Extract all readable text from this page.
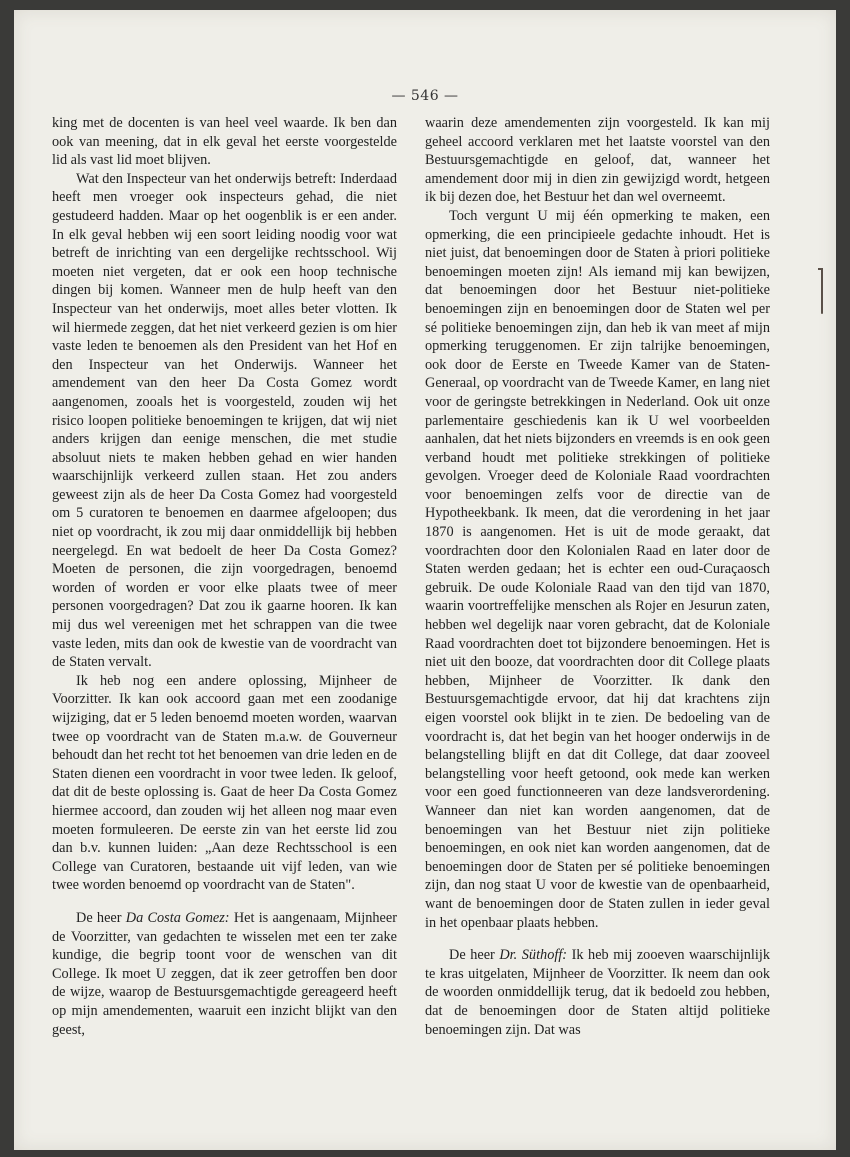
— 546 —

king met de docenten is van heel veel waarde. Ik ben dan ook van meening, dat in elk geval het eerste voorgestelde lid als vast lid moet blijven.

Wat den Inspecteur van het onderwijs betreft: Inderdaad heeft men vroeger ook inspecteurs gehad, die niet gestudeerd hadden. Maar op het oogenblik is er een ander. In elk geval hebben wij een soort leiding noodig voor wat betreft de inrichting van een dergelijke rechtsschool. Wij moeten niet vergeten, dat er ook een hoop technische dingen bij komen. Wanneer men de hulp heeft van den Inspecteur van het onderwijs, moet alles beter vlotten. Ik wil hiermede zeggen, dat het niet verkeerd gezien is om hier vaste leden te benoemen als den President van het Hof en den Inspecteur van het Onderwijs. Wanneer het amendement van den heer Da Costa Gomez wordt aangenomen, zooals het is voorgesteld, zouden wij het risico loopen politieke benoemingen te krijgen, dat wij niet anders krijgen dan eenige menschen, die met studie absoluut niets te maken hebben gehad en wier handen waarschijnlijk verkeerd zullen staan. Het zou anders geweest zijn als de heer Da Costa Gomez had voorgesteld om 5 curatoren te benoemen en daarmee afgeloopen; dus niet op voordracht, ik zou mij daar onmiddellijk bij hebben neergelegd. En wat bedoelt de heer Da Costa Gomez? Moeten de personen, die zijn voorgedragen, benoemd worden of worden er voor elke plaats twee of meer personen voorgedragen? Dat zou ik gaarne hooren. Ik kan mij dus wel vereenigen met het schrappen van die twee vaste leden, mits dan ook de kwestie van de voordracht van de Staten vervalt.

Ik heb nog een andere oplossing, Mijnheer de Voorzitter. Ik kan ook accoord gaan met een zoodanige wijziging, dat er 5 leden benoemd moeten worden, waarvan twee op voordracht van de Staten m.a.w. de Gouverneur behoudt dan het recht tot het benoemen van drie leden en de Staten dienen een voordracht in voor twee leden. Ik geloof, dat dit de beste oplossing is. Gaat de heer Da Costa Gomez hiermee accoord, dan zouden wij het alleen nog maar even moeten formuleeren. De eerste zin van het eerste lid zou dan b.v. kunnen luiden: „Aan deze Rechtsschool is een College van Curatoren, bestaande uit vijf leden, van wie twee worden benoemd op voordracht van de Staten".

De heer Da Costa Gomez: Het is aangenaam, Mijnheer de Voorzitter, van gedachten te wisselen met een ter zake kundige, die begrip toont voor de wenschen van dit College. Ik moet U zeggen, dat ik zeer getroffen ben door de wijze, waarop de Bestuursgemachtigde gereageerd heeft op mijn amendementen, waaruit een inzicht blijkt van den geest,

waarin deze amendementen zijn voorgesteld. Ik kan mij geheel accoord verklaren met het laatste voorstel van den Bestuursgemachtigde en geloof, dat, wanneer het amendement door mij in dien zin gewijzigd wordt, hetgeen ik bij dezen doe, het Bestuur het dan wel overneemt.

Toch vergunt U mij één opmerking te maken, een opmerking, die een principieele gedachte inhoudt. Het is niet juist, dat benoemingen door de Staten à priori politieke benoemingen moeten zijn! Als iemand mij kan bewijzen, dat benoemingen door het Bestuur niet-politieke benoemingen zijn en benoemingen door de Staten wel per sé politieke benoemingen zijn, dan heb ik van meet af mijn opmerking teruggenomen. Er zijn talrijke benoemingen, ook door de Eerste en Tweede Kamer van de Staten-Generaal, op voordracht van de Tweede Kamer, en lang niet voor de geringste betrekkingen in Nederland. Ook uit onze parlementaire geschiedenis kan ik U wel voorbeelden aanhalen, dat het niets bijzonders en vreemds is en ook geen verband houdt met politieke strekkingen of politieke gevolgen. Vroeger deed de Koloniale Raad voordrachten voor benoemingen zelfs voor de directie van de Hypotheekbank. Ik meen, dat die verordening in het jaar 1870 is aangenomen. Het is uit de mode geraakt, dat voordrachten door den Kolonialen Raad en later door de Staten werden gedaan; het is echter een oud-Curaçaosch gebruik. De oude Koloniale Raad van den tijd van 1870, waarin voortreffelijke menschen als Rojer en Jesurun zaten, hebben wel degelijk naar voren gebracht, dat de Koloniale Raad voordrachten doet tot bijzondere benoemingen. Het is niet uit den booze, dat voordrachten door dit College plaats hebben, Mijnheer de Voorzitter. Ik dank den Bestuursgemachtigde ervoor, dat hij dat krachtens zijn eigen voorstel ook blijkt in te zien. De bedoeling van de voordracht is, dat het begin van het hooger onderwijs in de belangstelling blijft en dat dit College, dat daar zooveel belangstelling voor heeft getoond, ook mede kan werken voor een goed functionneeren van deze landsverordening. Wanneer dan niet kan worden aangenomen, dat de benoemingen van het Bestuur niet zijn politieke benoemingen, en ook niet kan worden aangenomen, dat de benoemingen door de Staten per sé politieke benoemingen zijn, dan nog staat U voor de kwestie van de openbaarheid, want de benoemingen door de Staten zullen in ieder geval in het openbaar plaats hebben.

De heer Dr. Süthoff: Ik heb mij zooeven waarschijnlijk te kras uitgelaten, Mijnheer de Voorzitter. Ik neem dan ook de woorden onmiddellijk terug, dat ik bedoeld zou hebben, dat de benoemingen door de Staten altijd politieke benoemingen zijn. Dat was
